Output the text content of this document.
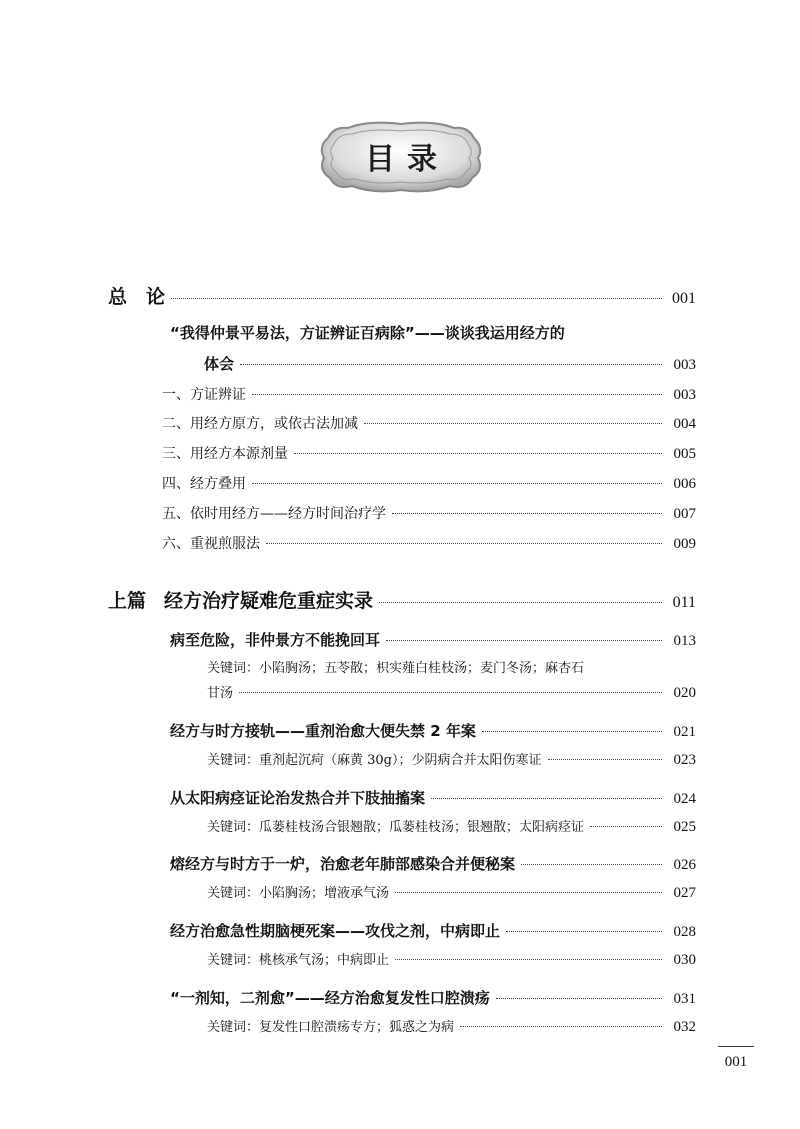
目录
总　论	001
“我得仲景平易法，方证辨证百病除”——谈谈我运用经方的
体会	003
一、方证辨证	003
二、用经方原方，或依古法加减	004
三、用经方本源剂量	005
四、经方叠用	006
五、依时用经方——经方时间治疗学	007
六、重视煎服法	009
上篇 经方治疗疑难危重症实录	011
病至危险，非仲景方不能挽回耳	013
关键词：小陷胸汤；五苓散；枳实薤白桂枝汤；麦门冬汤；麻杏石
甘汤	020
经方与时方接轨——重剂治愈大便失禁 2 年案	021
关键词：重剂起沉疴（麻黄 30g）；少阴病合并太阳伤寒证	023
从太阳病痉证论治发热合并下肢抽搐案	024
关键词：瓜蒌桂枝汤合银翘散；瓜蒌桂枝汤；银翘散；太阳病痉证	025
熔经方与时方于一炉，治愈老年肺部感染合并便秘案	026
关键词：小陷胸汤；增液承气汤	027
经方治愈急性期脑梗死案——攻伐之剂，中病即止	028
关键词：桃核承气汤；中病即止	030
“一剂知，二剂愈”——经方治愈复发性口腔溃疡	031
关键词：复发性口腔溃疡专方；狐惑之为病	032
001
